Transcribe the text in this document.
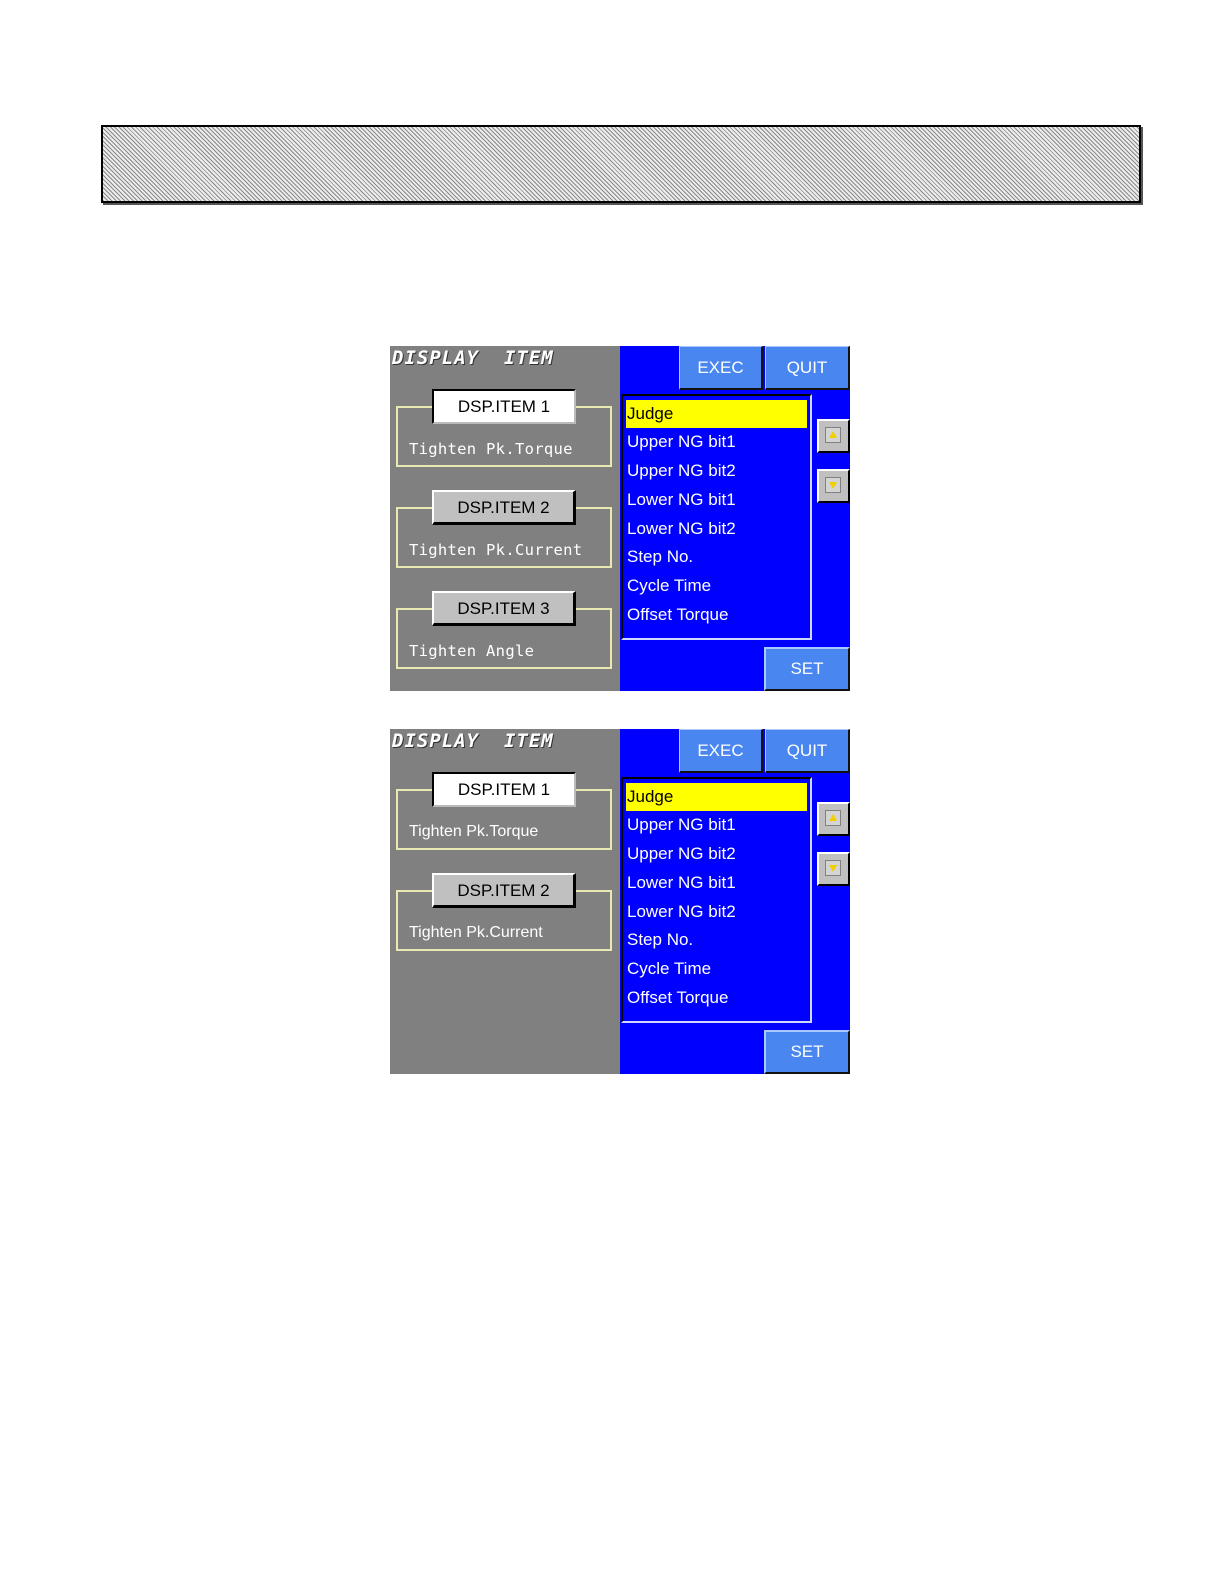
DISPLAY  ITEM
Tighten Pk.Torque
DSP.ITEM 1
Tighten Pk.Current
DSP.ITEM 2
Tighten Angle
DSP.ITEM 3
EXEC	QUIT
Judge
Upper NG bit1
Upper NG bit2
Lower NG bit1
Lower NG bit2
Step No.
Cycle Time
Offset Torque
SET
DISPLAY  ITEM
Tighten Pk.Torque
DSP.ITEM 1
Tighten Pk.Current
DSP.ITEM 2
EXEC	QUIT
Judge
Upper NG bit1
Upper NG bit2
Lower NG bit1
Lower NG bit2
Step No.
Cycle Time
Offset Torque
SET
